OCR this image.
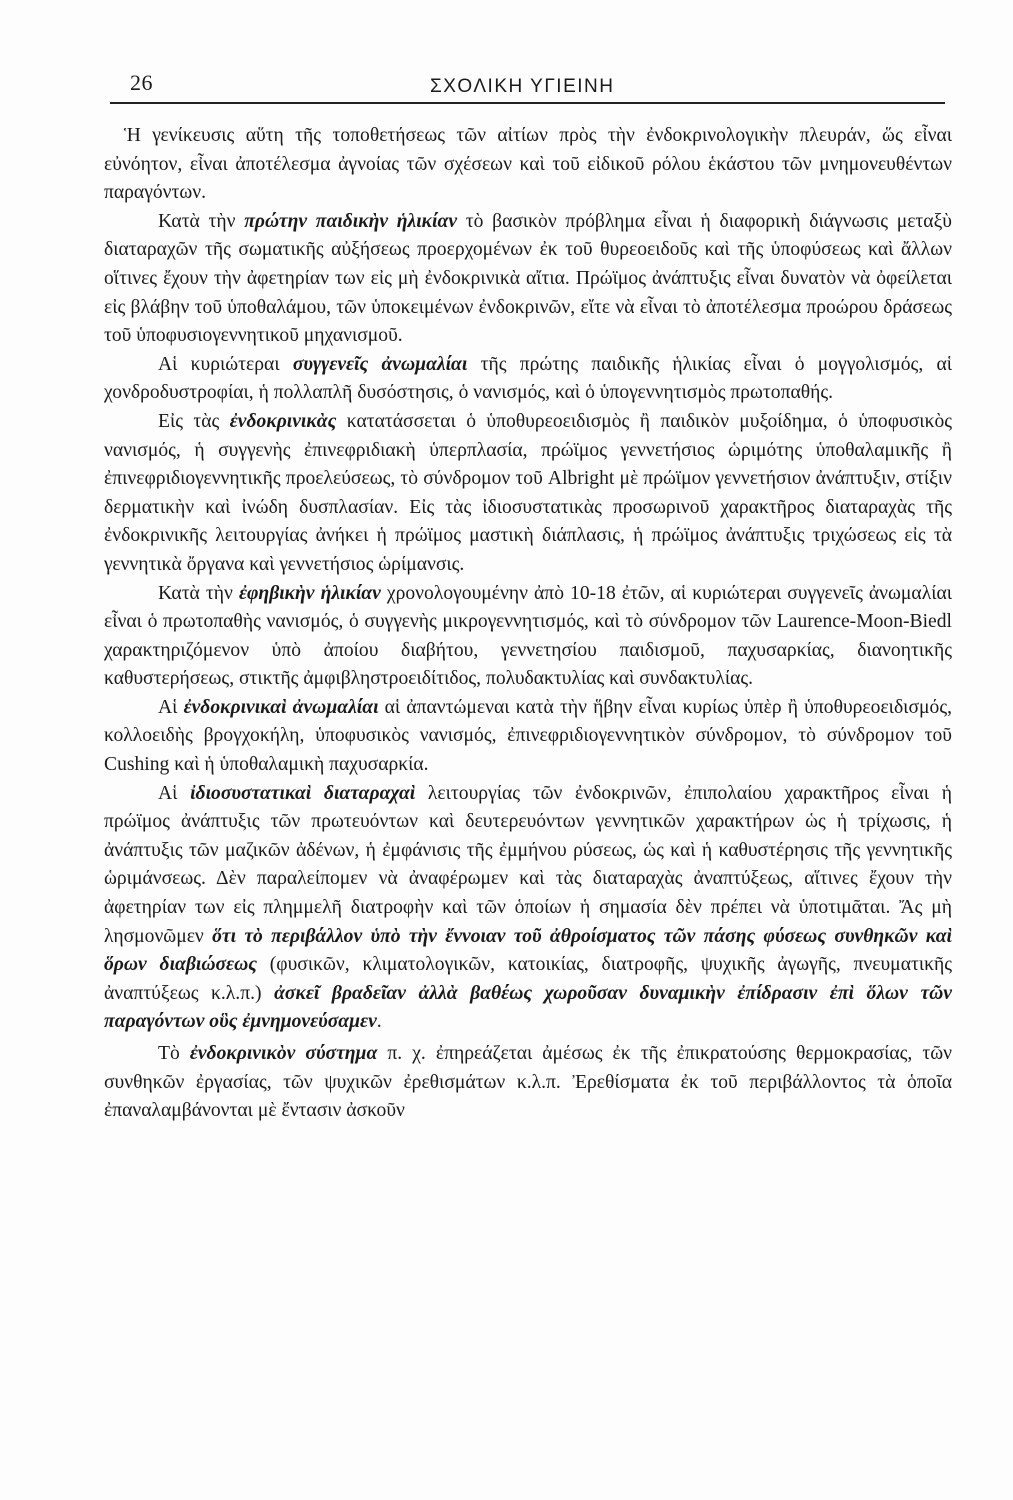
26	ΣΧΟΛΙΚΗ ΥΓΙΕΙΝΗ

Ἡ γενίκευσις αὕτη τῆς τοποθετήσεως τῶν αἰτίων πρὸς τὴν ἐνδοκρινολογικὴν πλευράν, ὥς εἶναι εὐνόητον, εἶναι ἀποτέλεσμα ἀγνοίας τῶν σχέσεων καὶ τοῦ εἰδικοῦ ρόλου ἑκάστου τῶν μνημονευθέντων παραγόντων.

Κατὰ τὴν πρώτην παιδικὴν ἡλικίαν τὸ βασικὸν πρόβλημα εἶναι ἡ διαφορικὴ διάγνωσις μεταξὺ διαταραχῶν τῆς σωματικῆς αὐξήσεως προερχομένων ἐκ τοῦ θυρεοειδοῦς καὶ τῆς ὑποφύσεως καὶ ἄλλων οἵτινες ἔχουν τὴν ἀφετηρίαν των εἰς μὴ ἐνδοκρινικὰ αἴτια. Πρώϊμος ἀνάπτυξις εἶναι δυνατὸν νὰ ὀφείλεται εἰς βλάβην τοῦ ὑποθαλάμου, τῶν ὑποκειμένων ἐνδοκρινῶν, εἴτε νὰ εἶναι τὸ ἀποτέλεσμα προώρου δράσεως τοῦ ὑποφυσιογεννητικοῦ μηχανισμοῦ.

Αἱ κυριώτεραι συγγενεῖς ἀνωμαλίαι τῆς πρώτης παιδικῆς ἡλικίας εἶναι ὁ μογγολισμός, αἱ χονδροδυστροφίαι, ἡ πολλαπλῆ δυσόστησις, ὁ νανισμός, καὶ ὁ ὑπογεννητισμὸς πρωτοπαθής.

Εἰς τὰς ἐνδοκρινικὰς κατατάσσεται ὁ ὑποθυρεοειδισμὸς ἢ παιδικὸν μυξοίδημα, ὁ ὑποφυσικὸς νανισμός, ἡ συγγενὴς ἐπινεφριδιακὴ ὑπερπλασία, πρώϊμος γεννετήσιος ὡριμότης ὑποθαλαμικῆς ἢ ἐπινεφριδιογεννητικῆς προελεύσεως, τὸ σύνδρομον τοῦ Albright μὲ πρώϊμον γεννετήσιον ἀνάπτυξιν, στίξιν δερματικὴν καὶ ἰνώδη δυσπλασίαν. Εἰς τὰς ἰδιοσυστατικὰς προσωρινοῦ χαρακτῆρος διαταραχὰς τῆς ἐνδοκρινικῆς λειτουργίας ἀνήκει ἡ πρώϊμος μαστικὴ διάπλασις, ἡ πρώϊμος ἀνάπτυξις τριχώσεως εἰς τὰ γεννητικὰ ὄργανα καὶ γεννετήσιος ὡρίμανσις.

Κατὰ τὴν ἐφηβικὴν ἡλικίαν χρονολογουμένην ἀπὸ 10-18 ἐτῶν, αἱ κυριώτεραι συγγενεῖς ἀνωμαλίαι εἶναι ὁ πρωτοπαθὴς νανισμός, ὁ συγγενὴς μικρογεννητισμός, καὶ τὸ σύνδρομον τῶν Laurence-Moon-Biedl χαρακτηριζόμενον ὑπὸ ἀποίου διαβήτου, γεννετησίου παιδισμοῦ, παχυσαρκίας, διανοητικῆς καθυστερήσεως, στικτῆς ἀμφιβληστροειδίτιδος, πολυδακτυλίας καὶ συνδακτυλίας.

Αἱ ἐνδοκρινικαὶ ἀνωμαλίαι αἱ ἀπαντώμεναι κατὰ τὴν ἥβην εἶναι κυρίως ὑπὲρ ἢ ὑποθυρεοειδισμός, κολλοειδὴς βρογχοκήλη, ὑποφυσικὸς νανισμός, ἐπινεφριδιογεννητικὸν σύνδρομον, τὸ σύνδρομον τοῦ Cushing καὶ ἡ ὑποθαλαμικὴ παχυσαρκία.

Αἱ ἰδιοσυστατικαὶ διαταραχαὶ λειτουργίας τῶν ἐνδοκρινῶν, ἐπιπολαίου χαρακτῆρος εἶναι ἡ πρώϊμος ἀνάπτυξις τῶν πρωτευόντων καὶ δευτερευόντων γεννητικῶν χαρακτήρων ὡς ἡ τρίχωσις, ἡ ἀνάπτυξις τῶν μαζικῶν ἀδένων, ἡ ἐμφάνισις τῆς ἐμμήνου ρύσεως, ὡς καὶ ἡ καθυστέρησις τῆς γεννητικῆς ὡριμάνσεως. Δὲν παραλείπομεν νὰ ἀναφέρωμεν καὶ τὰς διαταραχὰς ἀναπτύξεως, αἵτινες ἔχουν τὴν ἀφετηρίαν των εἰς πλημμελῆ διατροφὴν καὶ τῶν ὁποίων ἡ σημασία δὲν πρέπει νὰ ὑποτιμᾶται. Ἄς μὴ λησμονῶμεν ὅτι τὸ περιβάλλον ὑπὸ τὴν ἔννοιαν τοῦ ἀθροίσματος τῶν πάσης φύσεως συνθηκῶν καὶ ὅρων διαβιώσεως (φυσικῶν, κλιματολογικῶν, κατοικίας, διατροφῆς, ψυχικῆς ἀγωγῆς, πνευματικῆς ἀναπτύξεως κ.λ.π.) ἀσκεῖ βραδεῖαν ἀλλὰ βαθέως χωροῦσαν δυναμικὴν ἐπίδρασιν ἐπὶ ὅλων τῶν παραγόντων οὓς ἐμνημονεύσαμεν.

Τὸ ἐνδοκρινικὸν σύστημα π. χ. ἐπηρεάζεται ἀμέσως ἐκ τῆς ἐπικρατούσης θερμοκρασίας, τῶν συνθηκῶν ἐργασίας, τῶν ψυχικῶν ἐρεθισμάτων κ.λ.π. Ἐρεθίσματα ἐκ τοῦ περιβάλλοντος τὰ ὁποῖα ἐπαναλαμβάνονται μὲ ἔντασιν ἀσκοῦν
